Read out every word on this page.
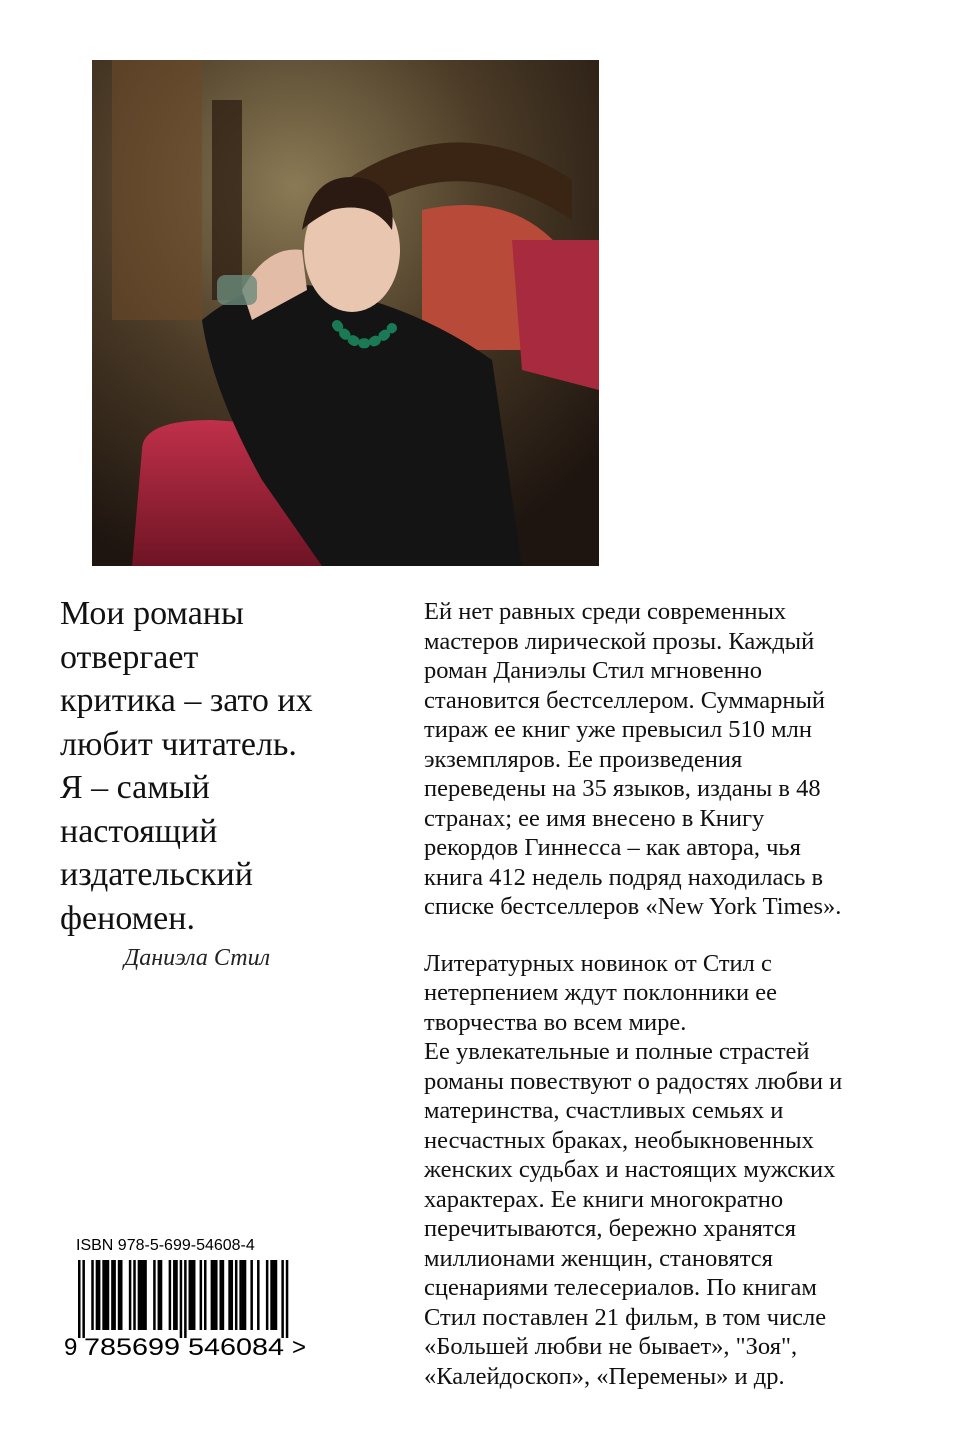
Мои романы
отвергает
критика – зато их
любит читатель.
Я – самый
настоящий
издательский
феномен.
Даниэла Стил
Ей нет равных среди современных
мастеров лирической прозы. Каждый
роман Даниэлы Стил мгновенно
становится бестселлером. Суммарный
тираж ее книг уже превысил 510 млн
экземпляров. Ее произведения
переведены на 35 языков, изданы в 48
странах; ее имя внесено в Книгу
рекордов Гиннесса – как автора, чья
книга 412 недель подряд находилась в
списке бестселлеров «New York Times».
Литературных новинок от Стил с
нетерпением ждут поклонники ее
творчества во всем мире.
Ее увлекательные и полные страстей
романы повествуют о радостях любви и
материнства, счастливых семьях и
несчастных браках, необыкновенных
женских судьбах и настоящих мужских
характерах. Ее книги многократно
перечитываются, бережно хранятся
миллионами женщин, становятся
сценариями телесериалов. По книгам
Стил поставлен 21 фильм, в том числе
«Большей любви не бывает», "Зоя",
«Калейдоскоп», «Перемены» и др.
ISBN 978-5-699-54608-4
9 785699 546084 >
